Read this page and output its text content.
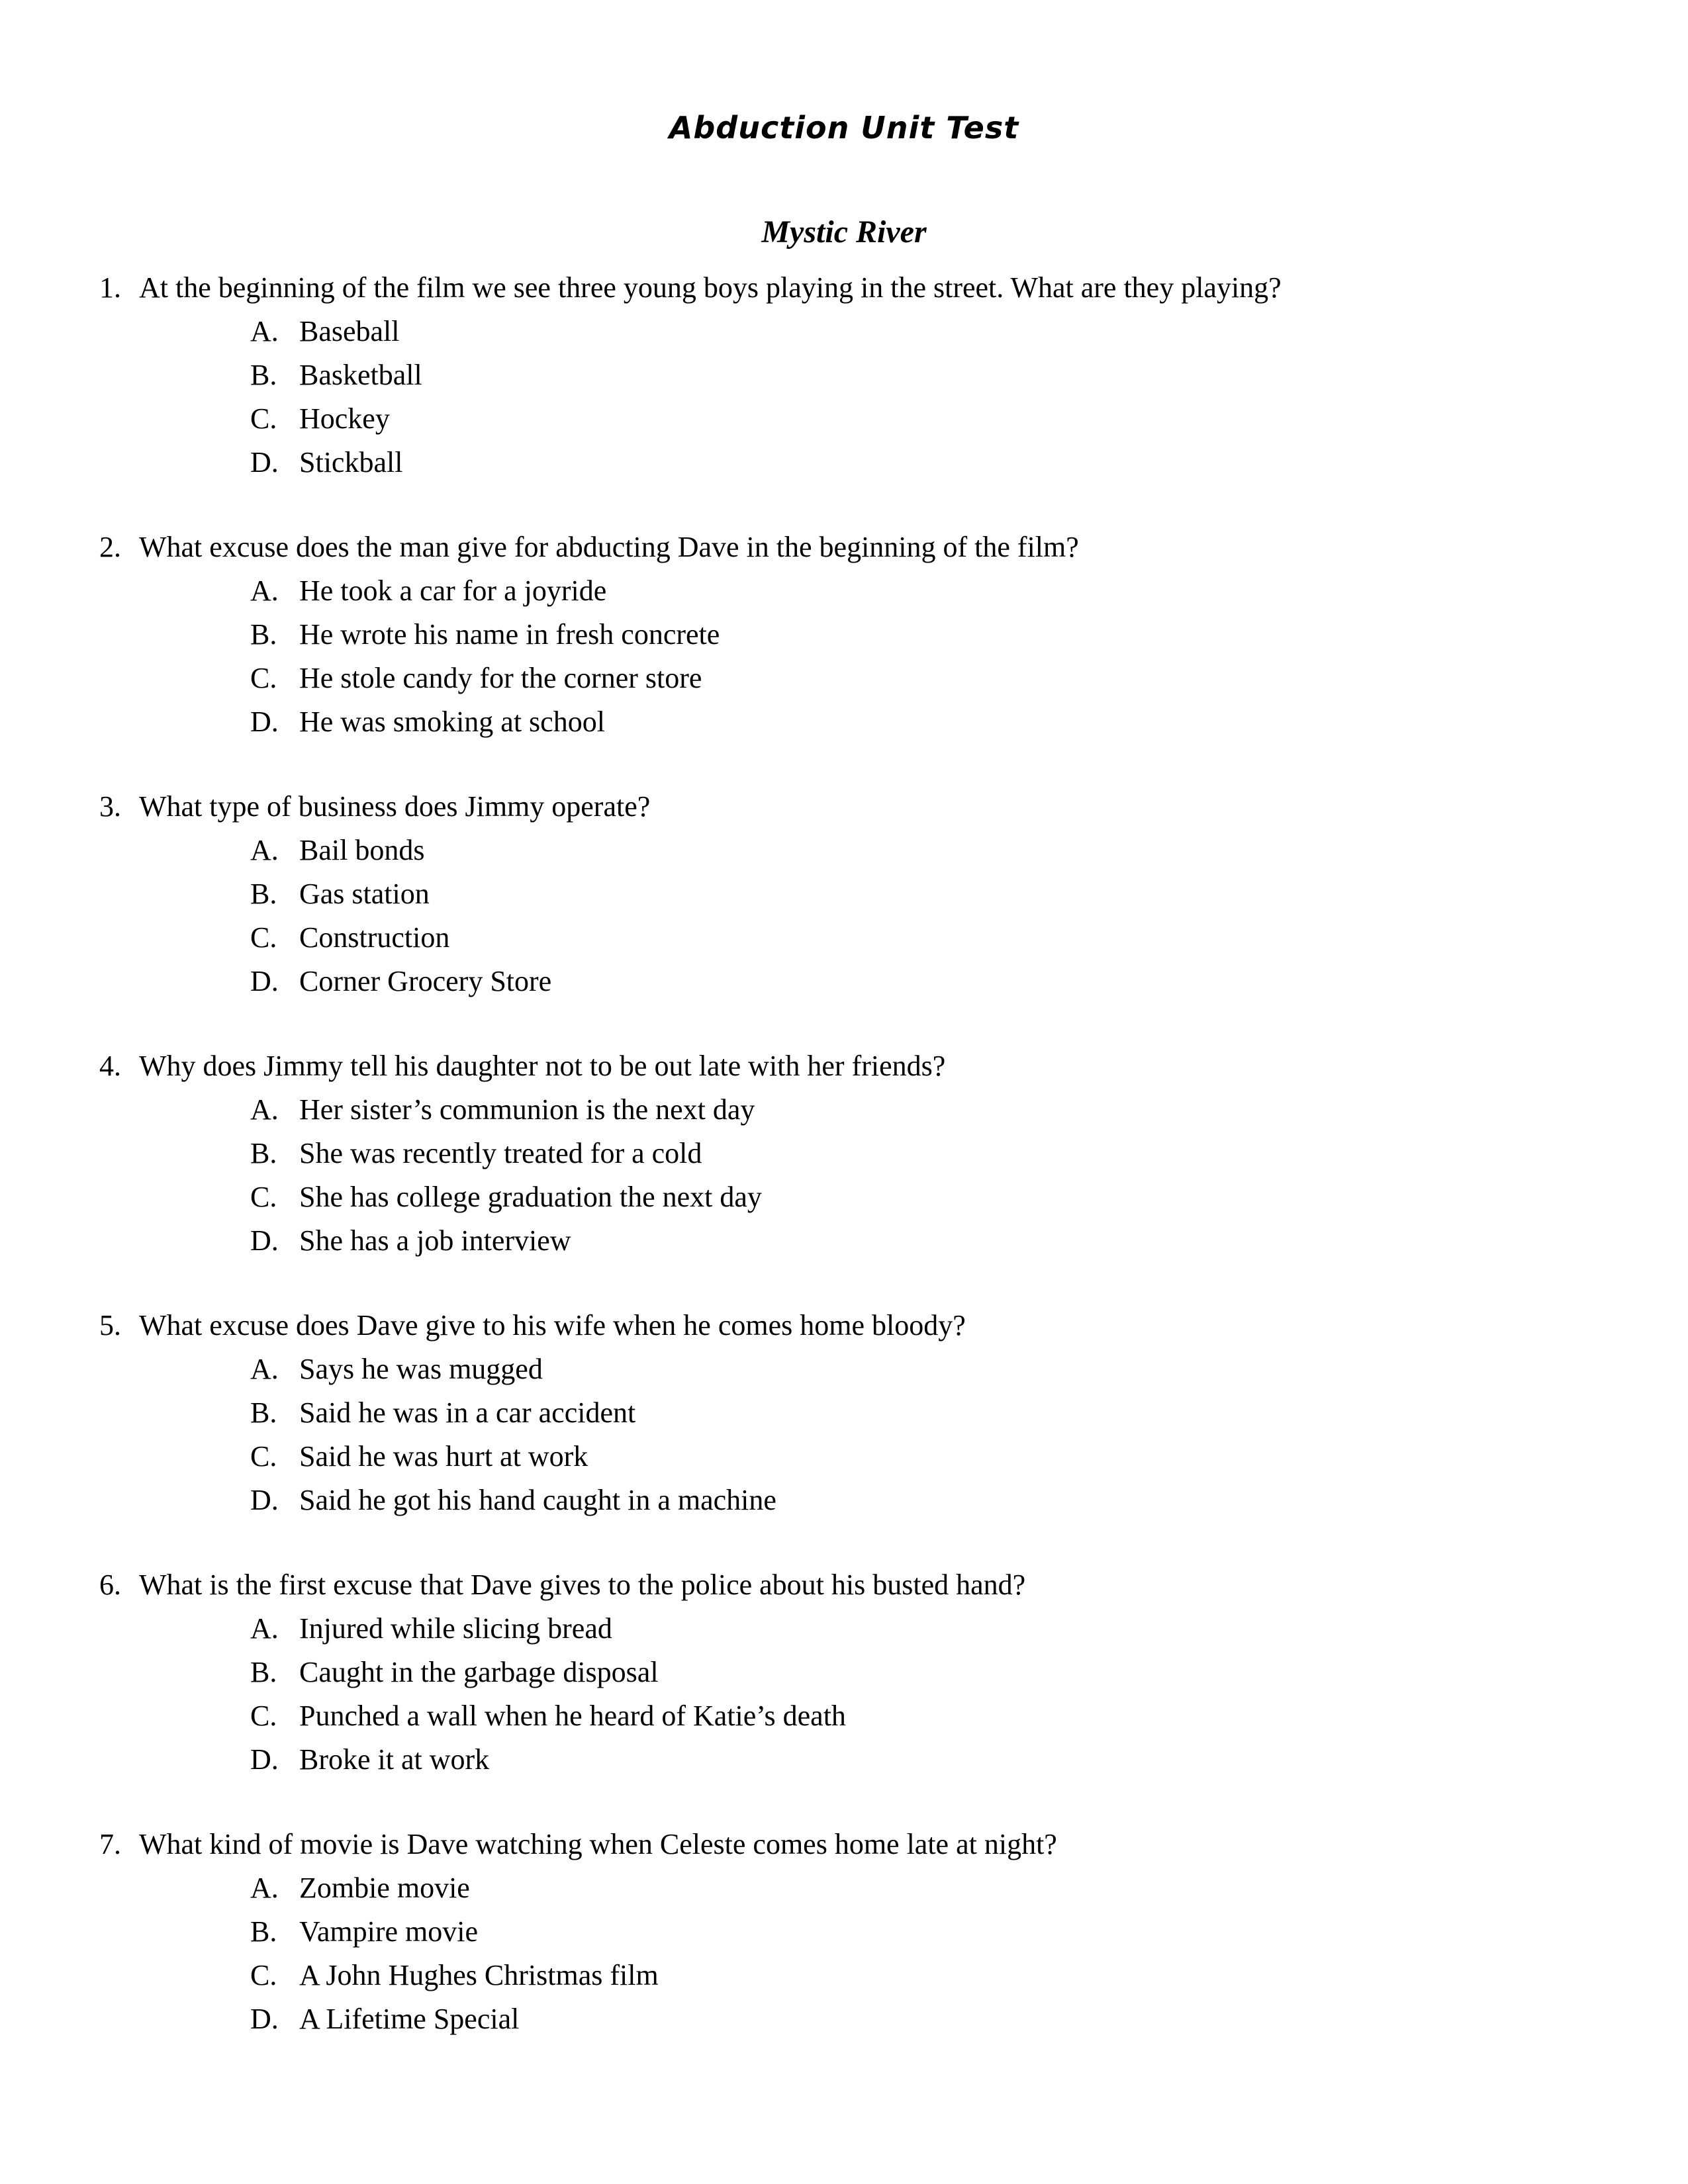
Abduction Unit Test
Mystic River
1. At the beginning of the film we see three young boys playing in the street. What are they playing?
A. Baseball
B. Basketball
C. Hockey
D. Stickball
2. What excuse does the man give for abducting Dave in the beginning of the film?
A. He took a car for a joyride
B. He wrote his name in fresh concrete
C. He stole candy for the corner store
D. He was smoking at school
3. What type of business does Jimmy operate?
A. Bail bonds
B. Gas station
C. Construction
D. Corner Grocery Store
4. Why does Jimmy tell his daughter not to be out late with her friends?
A. Her sister’s communion is the next day
B. She was recently treated for a cold
C. She has college graduation the next day
D. She has a job interview
5. What excuse does Dave give to his wife when he comes home bloody?
A. Says he was mugged
B. Said he was in a car accident
C. Said he was hurt at work
D. Said he got his hand caught in a machine
6. What is the first excuse that Dave gives to the police about his busted hand?
A. Injured while slicing bread
B. Caught in the garbage disposal
C. Punched a wall when he heard of Katie’s death
D. Broke it at work
7. What kind of movie is Dave watching when Celeste comes home late at night?
A. Zombie movie
B. Vampire movie
C. A John Hughes Christmas film
D. A Lifetime Special
